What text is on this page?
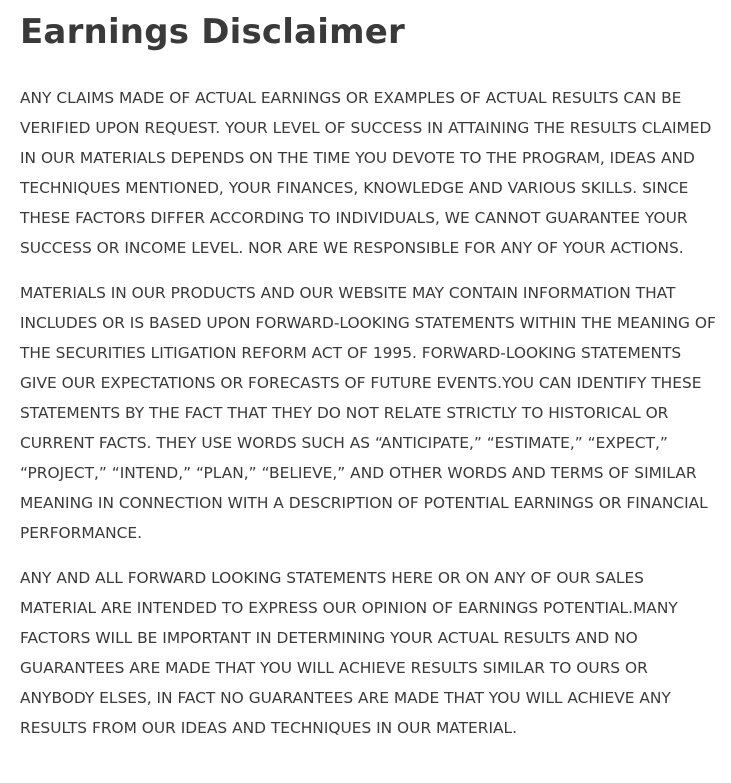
Earnings Disclaimer

ANY CLAIMS MADE OF ACTUAL EARNINGS OR EXAMPLES OF ACTUAL RESULTS CAN BE VERIFIED UPON REQUEST. YOUR LEVEL OF SUCCESS IN ATTAINING THE RESULTS CLAIMED IN OUR MATERIALS DEPENDS ON THE TIME YOU DEVOTE TO THE PROGRAM, IDEAS AND TECHNIQUES MENTIONED, YOUR FINANCES, KNOWLEDGE AND VARIOUS SKILLS. SINCE THESE FACTORS DIFFER ACCORDING TO INDIVIDUALS, WE CANNOT GUARANTEE YOUR SUCCESS OR INCOME LEVEL. NOR ARE WE RESPONSIBLE FOR ANY OF YOUR ACTIONS.

MATERIALS IN OUR PRODUCTS AND OUR WEBSITE MAY CONTAIN INFORMATION THAT INCLUDES OR IS BASED UPON FORWARD-LOOKING STATEMENTS WITHIN THE MEANING OF THE SECURITIES LITIGATION REFORM ACT OF 1995. FORWARD-LOOKING STATEMENTS GIVE OUR EXPECTATIONS OR FORECASTS OF FUTURE EVENTS.YOU CAN IDENTIFY THESE STATEMENTS BY THE FACT THAT THEY DO NOT RELATE STRICTLY TO HISTORICAL OR CURRENT FACTS. THEY USE WORDS SUCH AS “ANTICIPATE,” “ESTIMATE,” “EXPECT,” “PROJECT,” “INTEND,” “PLAN,” “BELIEVE,” AND OTHER WORDS AND TERMS OF SIMILAR MEANING IN CONNECTION WITH A DESCRIPTION OF POTENTIAL EARNINGS OR FINANCIAL PERFORMANCE.

ANY AND ALL FORWARD LOOKING STATEMENTS HERE OR ON ANY OF OUR SALES MATERIAL ARE INTENDED TO EXPRESS OUR OPINION OF EARNINGS POTENTIAL.MANY FACTORS WILL BE IMPORTANT IN DETERMINING YOUR ACTUAL RESULTS AND NO GUARANTEES ARE MADE THAT YOU WILL ACHIEVE RESULTS SIMILAR TO OURS OR ANYBODY ELSES, IN FACT NO GUARANTEES ARE MADE THAT YOU WILL ACHIEVE ANY RESULTS FROM OUR IDEAS AND TECHNIQUES IN OUR MATERIAL.
